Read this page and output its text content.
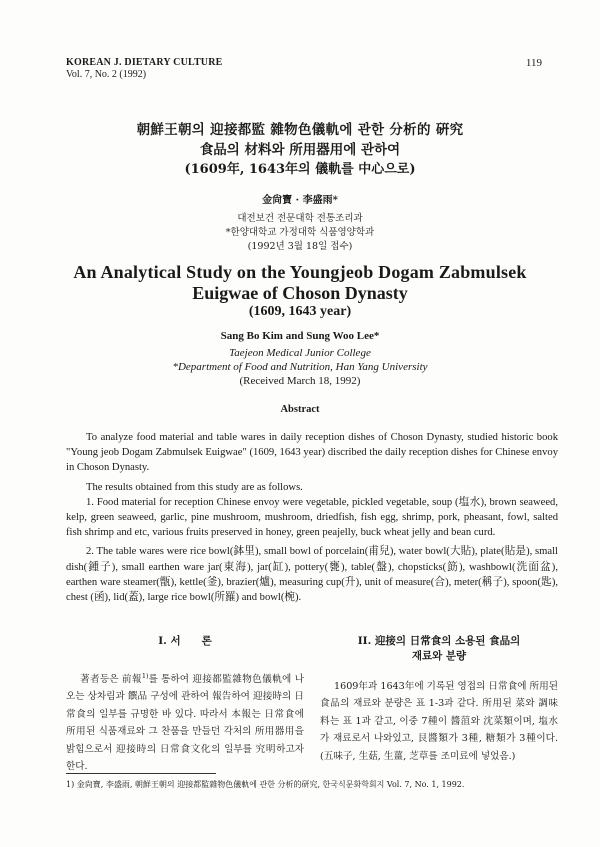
KOREAN J. DIETARY CULTURE
Vol. 7, No. 2 (1992)
119
朝鮮王朝의 迎接都監 雜物色儀軌에 관한 分析的 硏究
食品의 材料와 所用器用에 관하여
(1609年, 1643年의 儀軌를 中心으로)
金尙寶 · 李盛雨*
대전보건 전문대학 전통조리과
*한양대학교 가정대학 식품영양학과
(1992년 3월 18일 접수)
An Analytical Study on the Youngjeob Dogam Zabmulsek
Euigwae of Choson Dynasty
(1609, 1643 year)
Sang Bo Kim and Sung Woo Lee*
Taejeon Medical Junior College
*Department of Food and Nutrition, Han Yang University
(Received March 18, 1992)
Abstract

To analyze food material and table wares in daily reception dishes of Choson Dynasty, studied historic book "Young jeob Dogam Zabmulsek Euigwae" (1609, 1643 year) discribed the daily reception dishes for Chinese envoy in Choson Dynasty.

The results obtained from this study are as follows.

1. Food material for reception Chinese envoy were vegetable, pickled vegetable, soup (塩水), brown seaweed, kelp, green seaweed, garlic, pine mushroom, mushroom, driedfish, fish egg, shrimp, pork, pheasant, fowl, salted fish shrimp and etc, various fruits preserved in honey, green peajelly, buck wheat jelly and bean curd.

2. The table wares were rice bowl(鉢里), small bowl of porcelain(甫兒), water bowl(大貼), plate(貼是), small dish(鍾子), small earthen ware jar(東海), jar(缸), pottery(甕), table(盤), chopsticks(筯), washbowl(洗面盆), earthen ware steamer(甑), kettle(釜), brazier(爐), measuring cup(升), unit of measure(合), meter(稱子), spoon(匙), chest (函), lid(蓋), large rice bowl(所羅) and bowl(椀).

I. 서　　론

著者등은 前報$^{1)}$를 통하여 迎接都監雜物色儀軌에 나오는 상차림과 饌品 구성에 관하여 報告하여 迎接時의 日常食의 일부를 규명한 바 있다. 따라서 本報는 日常食에 所用된 식품재료와 그 찬품을 만들던 각처의 所用器用을 밝힘으로서 迎接時의 日常食文化의 일부를 究明하고자 한다.

II. 迎接의 日常食의 소용된 食品의
재료와 분량

1609年과 1643年에 기록된 영접의 日常食에 所用된 食品의 재료와 분량은 표 1-3과 같다. 所用된 菜와 調味料는 표 1과 같고, 이중 7種이 醬菹와 沈菜類이며, 塩水가 재료로서 나와있고, 艮醬類가 3種, 糖類가 3種이다. (五味子, 生菇, 生薑, 芝草를 조미료에 넣었음.)

1) 金尙寶, 李盛雨, 朝鮮王朝의 迎接都監雜物色儀軌에 관한 分析的研究, 한국식문화학회지 Vol. 7, No. 1, 1992.
